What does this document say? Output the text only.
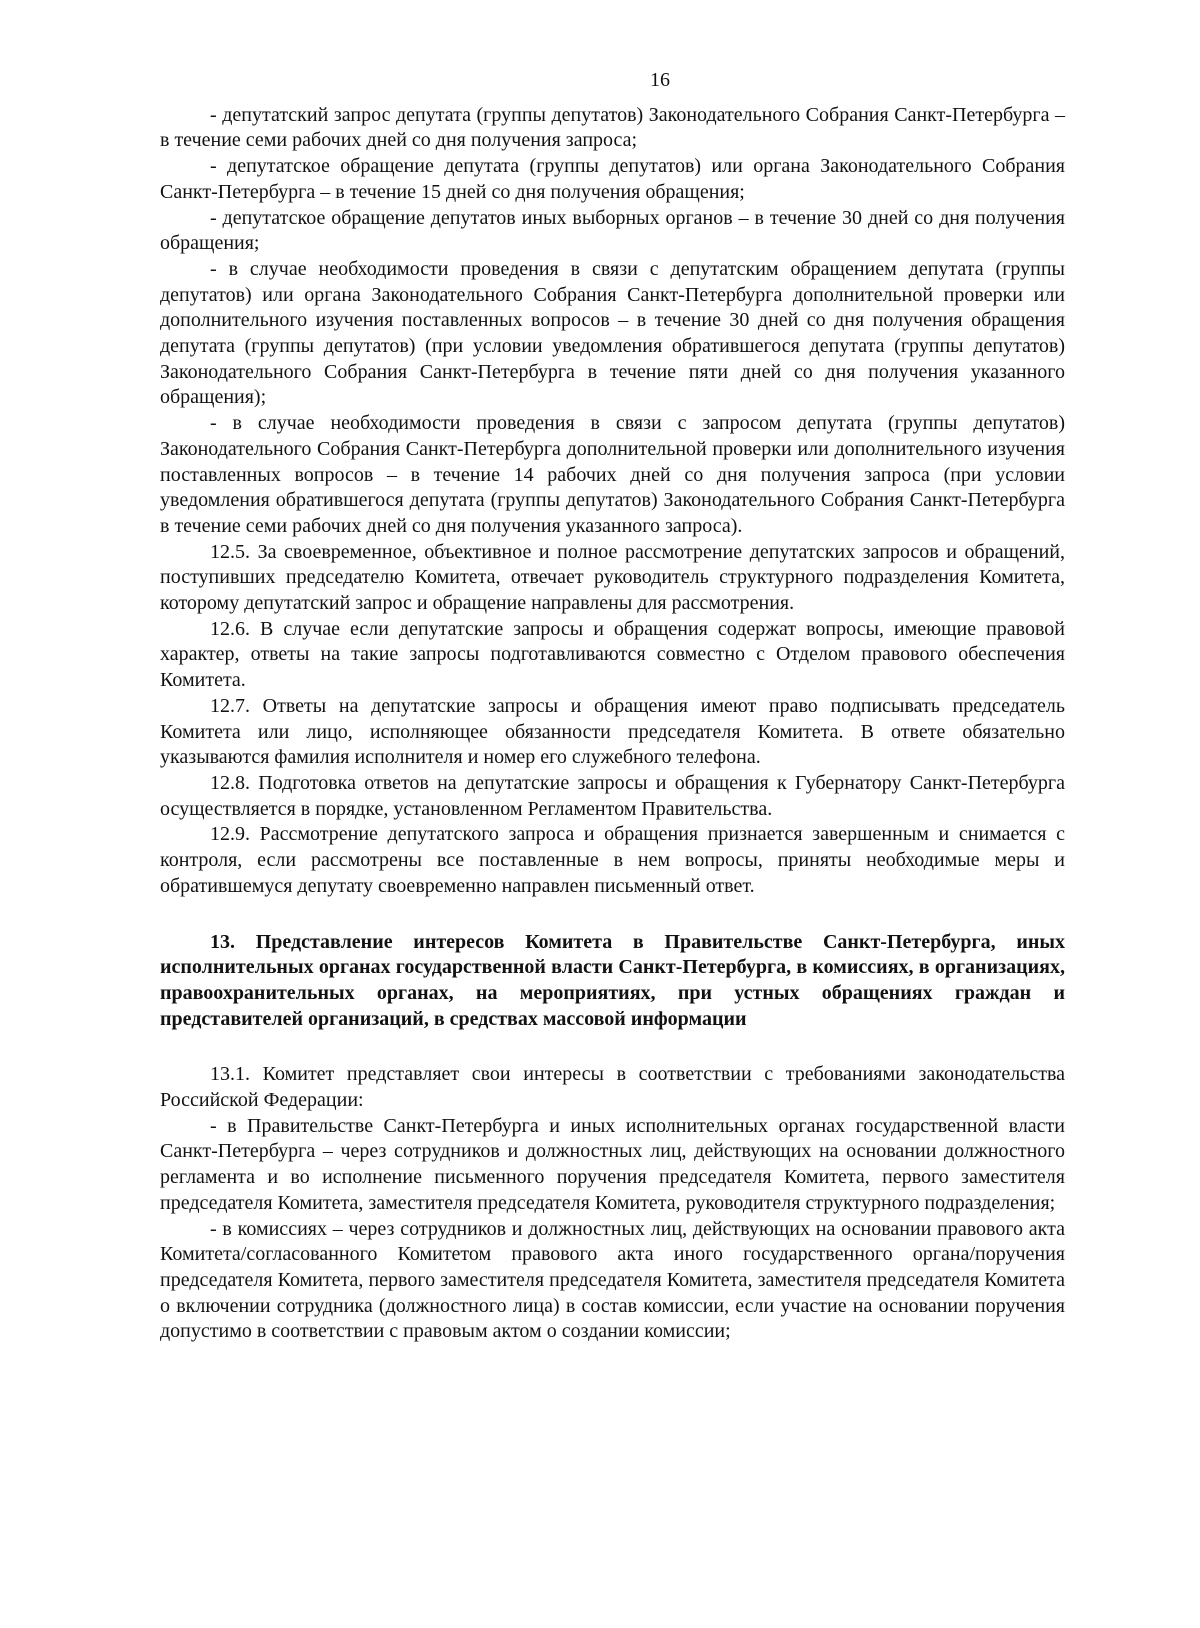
16

- депутатский запрос депутата (группы депутатов) Законодательного Собрания Санкт-Петербурга – в течение семи рабочих дней со дня получения запроса;

- депутатское обращение депутата (группы депутатов) или органа Законодательного Собрания Санкт-Петербурга – в течение 15 дней со дня получения обращения;

- депутатское обращение депутатов иных выборных органов – в течение 30 дней со дня получения обращения;

- в случае необходимости проведения в связи с депутатским обращением депутата (группы депутатов) или органа Законодательного Собрания Санкт-Петербурга дополнительной проверки или дополнительного изучения поставленных вопросов – в течение 30 дней со дня получения обращения депутата (группы депутатов) (при условии уведомления обратившегося депутата (группы депутатов) Законодательного Собрания Санкт-Петербурга в течение пяти дней со дня получения указанного обращения);

- в случае необходимости проведения в связи с запросом депутата (группы депутатов) Законодательного Собрания Санкт-Петербурга дополнительной проверки или дополнительного изучения поставленных вопросов – в течение 14 рабочих дней со дня получения запроса (при условии уведомления обратившегося депутата (группы депутатов) Законодательного Собрания Санкт-Петербурга в течение семи рабочих дней со дня получения указанного запроса).

12.5. За своевременное, объективное и полное рассмотрение депутатских запросов и обращений, поступивших председателю Комитета, отвечает руководитель структурного подразделения Комитета, которому депутатский запрос и обращение направлены для рассмотрения.

12.6. В случае если депутатские запросы и обращения содержат вопросы, имеющие правовой характер, ответы на такие запросы подготавливаются совместно с Отделом правового обеспечения Комитета.

12.7. Ответы на депутатские запросы и обращения имеют право подписывать председатель Комитета или лицо, исполняющее обязанности председателя Комитета. В ответе обязательно указываются фамилия исполнителя и номер его служебного телефона.

12.8. Подготовка ответов на депутатские запросы и обращения к Губернатору Санкт-Петербурга осуществляется в порядке, установленном Регламентом Правительства.

12.9. Рассмотрение депутатского запроса и обращения признается завершенным и снимается с контроля, если рассмотрены все поставленные в нем вопросы, приняты необходимые меры и обратившемуся депутату своевременно направлен письменный ответ.

13. Представление интересов Комитета в Правительстве Санкт-Петербурга, иных исполнительных органах государственной власти Санкт-Петербурга, в комиссиях, в организациях, правоохранительных органах, на мероприятиях, при устных обращениях граждан и представителей организаций, в средствах массовой информации

13.1. Комитет представляет свои интересы в соответствии с требованиями законодательства Российской Федерации:

- в Правительстве Санкт-Петербурга и иных исполнительных органах государственной власти Санкт-Петербурга – через сотрудников и должностных лиц, действующих на основании должностного регламента и во исполнение письменного поручения председателя Комитета, первого заместителя председателя Комитета, заместителя председателя Комитета, руководителя структурного подразделения;

- в комиссиях – через сотрудников и должностных лиц, действующих на основании правового акта Комитета/согласованного Комитетом правового акта иного государственного органа/поручения председателя Комитета, первого заместителя председателя Комитета, заместителя председателя Комитета о включении сотрудника (должностного лица) в состав комиссии, если участие на основании поручения допустимо в соответствии с правовым актом о создании комиссии;
